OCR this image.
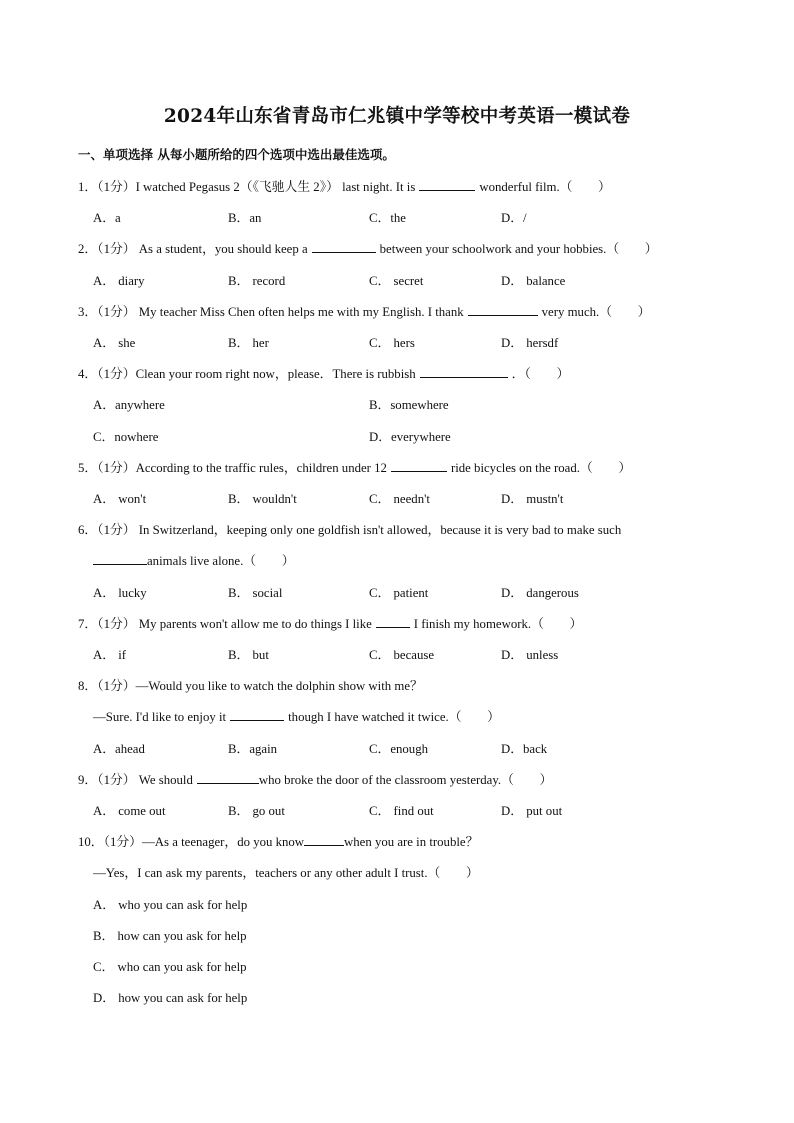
2024年山东省青岛市仁兆镇中学等校中考英语一模试卷
一、单项选择 从每小题所给的四个选项中选出最佳选项。
1．（1分）I watched Pegasus 2（《飞驰人生 2》） last night. It is	wonderful film.（　　）
A．a	B．an	C．the	D．/
2．（1分） As a student，you should keep a	between your schoolwork and your hobbies.（　　）
A． diary	B． record	C． secret	D． balance
3．（1分） My teacher Miss Chen often helps me with my English. I thank	very much.（　　）
A． she	B． her	C． hers	D． hersdf
4．（1分）Clean your room right now，please．There is rubbish	．（　　）
A．anywhere	B．somewhere
C．nowhere	D．everywhere
5．（1分）According to the traffic rules，children under 12	ride bicycles on the road.（　　）
A． won't	B． wouldn't	C． needn't	D． mustn't
6．（1分） In Switzerland，keeping only one goldfish isn't allowed，because it is very bad to make such
animals live alone.（　　）
A． lucky	B． social	C． patient	D． dangerous
7．（1分） My parents won't allow me to do things I like	I finish my homework.（　　）
A． if	B． but	C． because	D． unless
8．（1分）—Would you like to watch the dolphin show with me？
—Sure. I'd like to enjoy it	though I have watched it twice.（　　）
A．ahead	B．again	C．enough	D．back
9．（1分） We should	who broke the door of the classroom yesterday.（　　）
A． come out	B． go out	C． find out	D． put out
10．（1分）—As a teenager，do you know	when you are in trouble？
—Yes，I can ask my parents，teachers or any other adult I trust.（　　）
A． who you can ask for help
B． how can you ask for help
C． who can you ask for help
D． how you can ask for help
